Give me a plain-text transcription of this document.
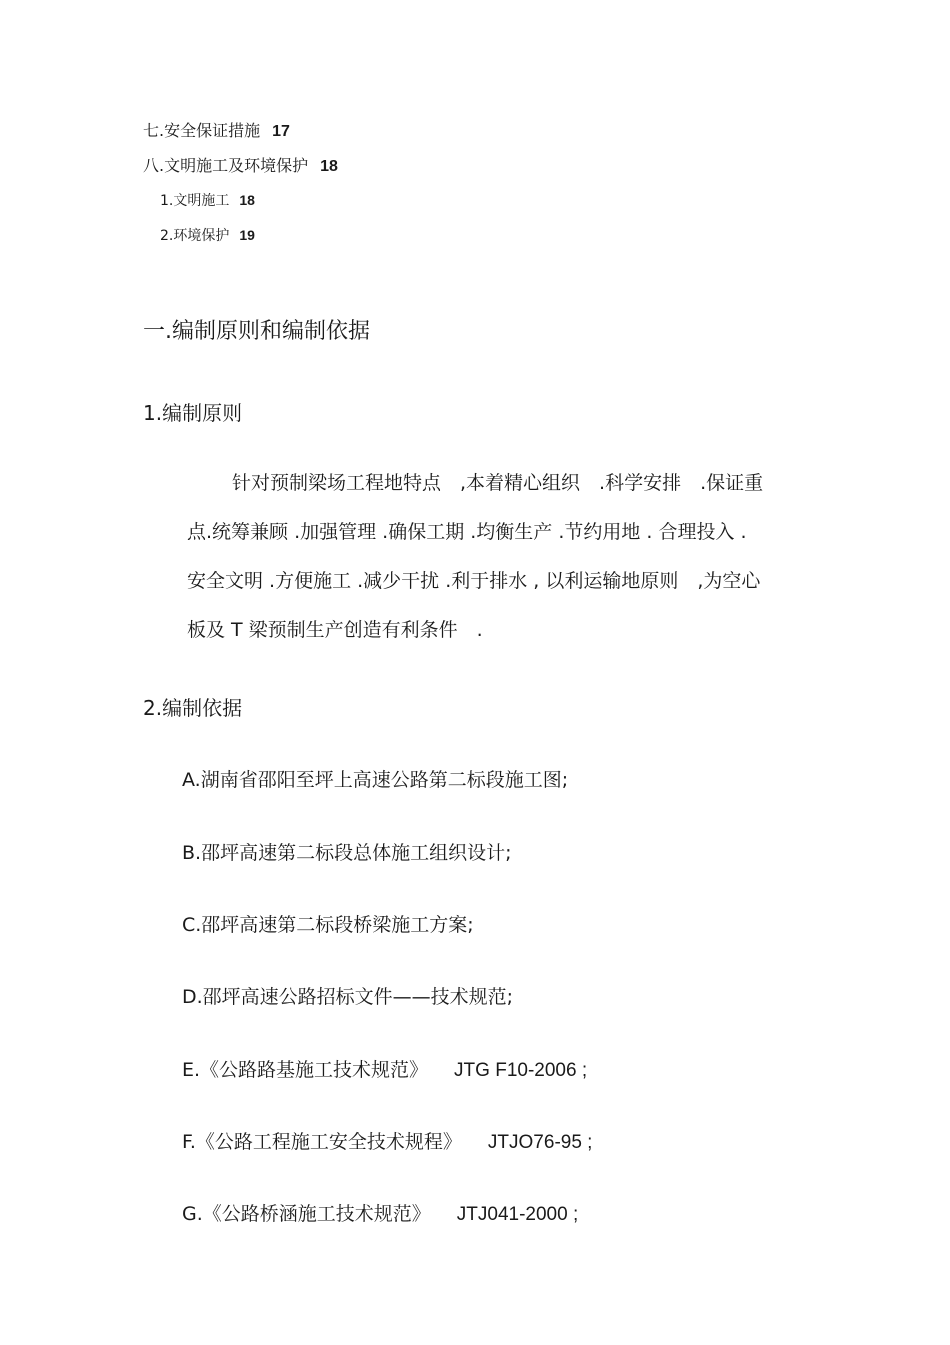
七.安全保证措施 17
八.文明施工及环境保护 18
1.文明施工 18
2.环境保护 19
一.编制原则和编制依据
1.编制原则
针对预制梁场工程地特点　,本着精心组织　.科学安排　.保证重
点.统筹兼顾 .加强管理 .确保工期 .均衡生产 .节约用地 . 合理投入 .
安全文明 .方便施工 .减少干扰 .利于排水 , 以利运输地原则　,为空心
板及 T 梁预制生产创造有利条件　.
2.编制依据
A.湖南省邵阳至坪上高速公路第二标段施工图;
B.邵坪高速第二标段总体施工组织设计;
C.邵坪高速第二标段桥梁施工方案;
D.邵坪高速公路招标文件——技术规范;
E.《公路路基施工技术规范》 JTG F10-2006 ;
F.《公路工程施工安全技术规程》 JTJO76-95 ;
G.《公路桥涵施工技术规范》 JTJ041-2000 ;
